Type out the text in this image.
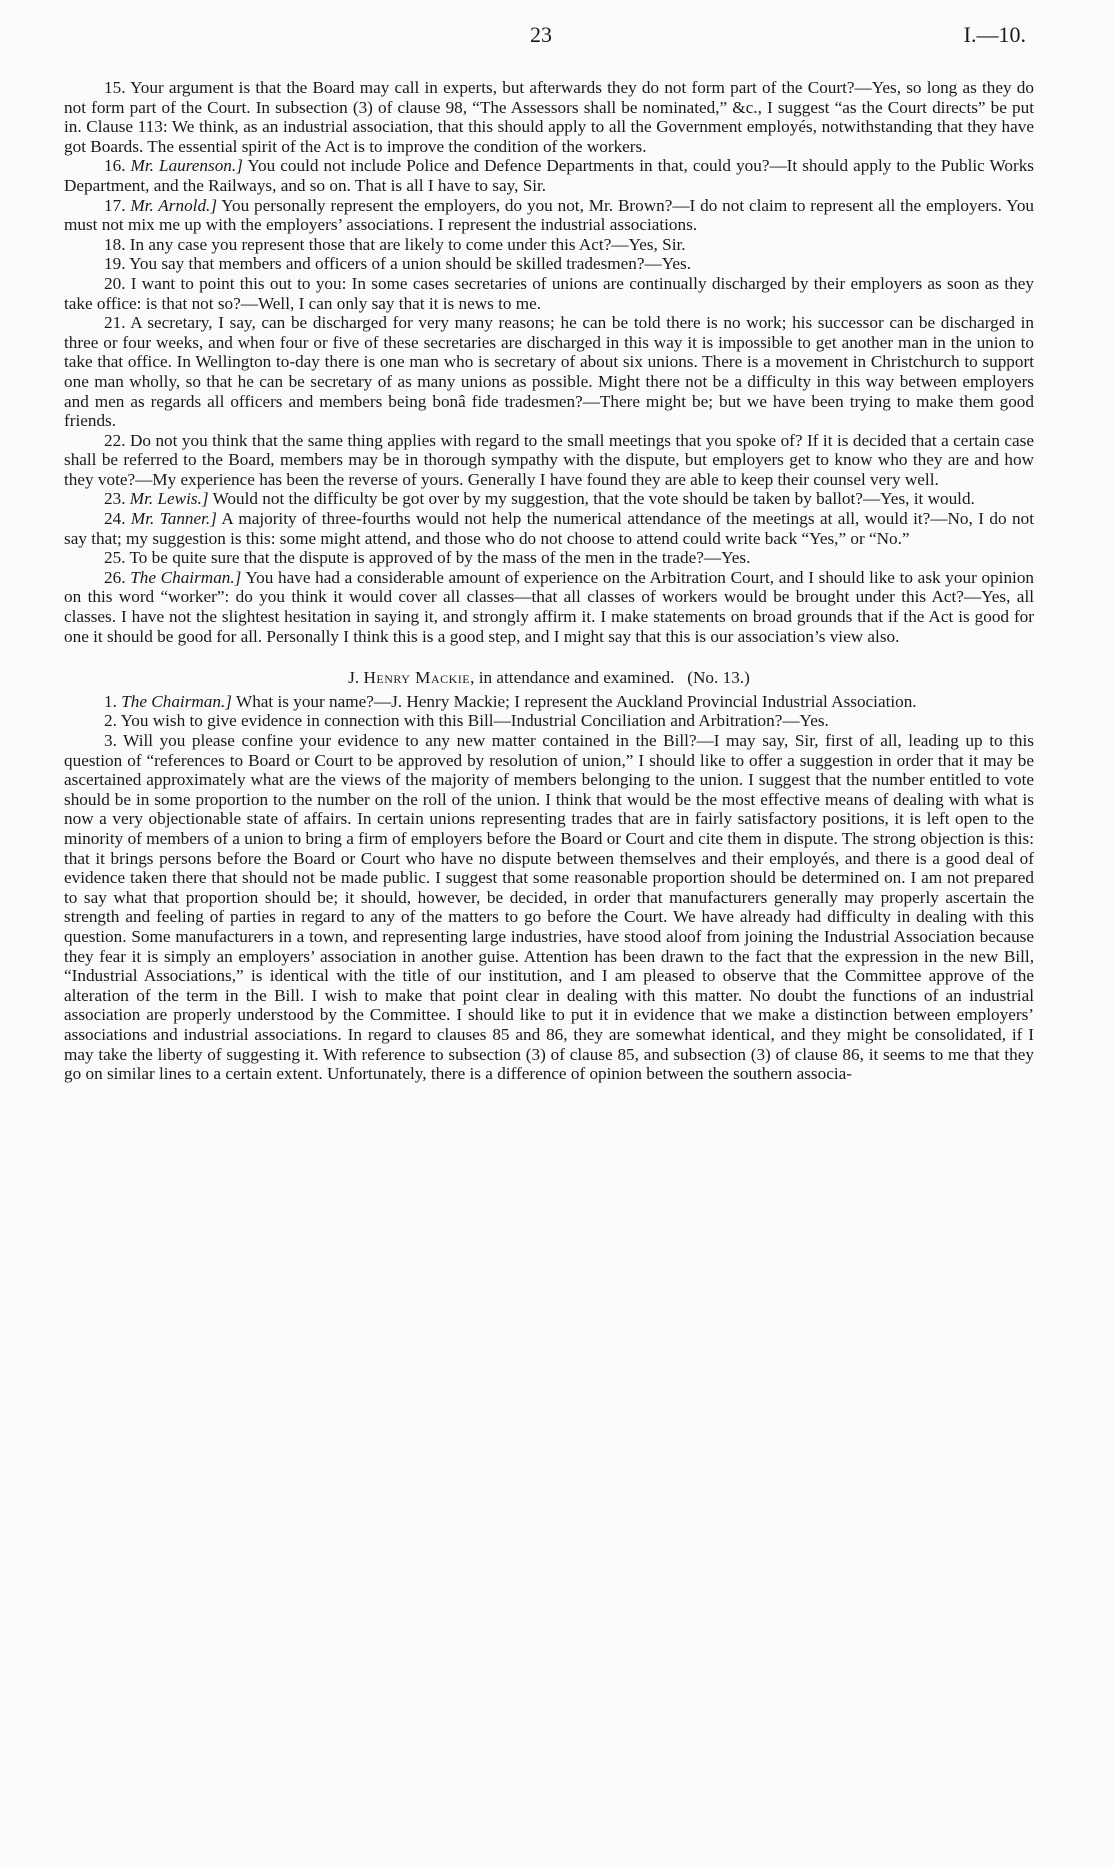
23	I.—10.

15. Your argument is that the Board may call in experts, but afterwards they do not form part of the Court?—Yes, so long as they do not form part of the Court. In subsection (3) of clause 98, “The Assessors shall be nominated,” &c., I suggest “as the Court directs” be put in. Clause 113: We think, as an industrial association, that this should apply to all the Government employés, notwithstanding that they have got Boards. The essential spirit of the Act is to improve the condition of the workers.

16. Mr. Laurenson.] You could not include Police and Defence Departments in that, could you?—It should apply to the Public Works Department, and the Railways, and so on. That is all I have to say, Sir.

17. Mr. Arnold.] You personally represent the employers, do you not, Mr. Brown?—I do not claim to represent all the employers. You must not mix me up with the employers’ associations. I represent the industrial associations.

18. In any case you represent those that are likely to come under this Act?—Yes, Sir.

19. You say that members and officers of a union should be skilled tradesmen?—Yes.

20. I want to point this out to you: In some cases secretaries of unions are continually discharged by their employers as soon as they take office: is that not so?—Well, I can only say that it is news to me.

21. A secretary, I say, can be discharged for very many reasons; he can be told there is no work; his successor can be discharged in three or four weeks, and when four or five of these secretaries are discharged in this way it is impossible to get another man in the union to take that office. In Wellington to-day there is one man who is secretary of about six unions. There is a movement in Christchurch to support one man wholly, so that he can be secretary of as many unions as possible. Might there not be a difficulty in this way between employers and men as regards all officers and members being bonâ fide tradesmen?—There might be; but we have been trying to make them good friends.

22. Do not you think that the same thing applies with regard to the small meetings that you spoke of? If it is decided that a certain case shall be referred to the Board, members may be in thorough sympathy with the dispute, but employers get to know who they are and how they vote?—My experience has been the reverse of yours. Generally I have found they are able to keep their counsel very well.

23. Mr. Lewis.] Would not the difficulty be got over by my suggestion, that the vote should be taken by ballot?—Yes, it would.

24. Mr. Tanner.] A majority of three-fourths would not help the numerical attendance of the meetings at all, would it?—No, I do not say that; my suggestion is this: some might attend, and those who do not choose to attend could write back “Yes,” or “No.”

25. To be quite sure that the dispute is approved of by the mass of the men in the trade?—Yes.

26. The Chairman.] You have had a considerable amount of experience on the Arbitration Court, and I should like to ask your opinion on this word “worker”: do you think it would cover all classes—that all classes of workers would be brought under this Act?—Yes, all classes. I have not the slightest hesitation in saying it, and strongly affirm it. I make statements on broad grounds that if the Act is good for one it should be good for all. Personally I think this is a good step, and I might say that this is our association’s view also.

J. Henry Mackie, in attendance and examined. (No. 13.)

1. The Chairman.] What is your name?—J. Henry Mackie; I represent the Auckland Provincial Industrial Association.

2. You wish to give evidence in connection with this Bill—Industrial Conciliation and Arbitration?—Yes.

3. Will you please confine your evidence to any new matter contained in the Bill?—I may say, Sir, first of all, leading up to this question of “references to Board or Court to be approved by resolution of union,” I should like to offer a suggestion in order that it may be ascertained approximately what are the views of the majority of members belonging to the union. I suggest that the number entitled to vote should be in some proportion to the number on the roll of the union. I think that would be the most effective means of dealing with what is now a very objectionable state of affairs. In certain unions representing trades that are in fairly satisfactory positions, it is left open to the minority of members of a union to bring a firm of employers before the Board or Court and cite them in dispute. The strong objection is this: that it brings persons before the Board or Court who have no dispute between themselves and their employés, and there is a good deal of evidence taken there that should not be made public. I suggest that some reasonable proportion should be determined on. I am not prepared to say what that proportion should be; it should, however, be decided, in order that manufacturers generally may properly ascertain the strength and feeling of parties in regard to any of the matters to go before the Court. We have already had difficulty in dealing with this question. Some manufacturers in a town, and representing large industries, have stood aloof from joining the Industrial Association because they fear it is simply an employers’ association in another guise. Attention has been drawn to the fact that the expression in the new Bill, “Industrial Associations,” is identical with the title of our institution, and I am pleased to observe that the Committee approve of the alteration of the term in the Bill. I wish to make that point clear in dealing with this matter. No doubt the functions of an industrial association are properly understood by the Committee. I should like to put it in evidence that we make a distinction between employers’ associations and industrial associations. In regard to clauses 85 and 86, they are somewhat identical, and they might be consolidated, if I may take the liberty of suggesting it. With reference to subsection (3) of clause 85, and subsection (3) of clause 86, it seems to me that they go on similar lines to a certain extent. Unfortunately, there is a difference of opinion between the southern associa-
